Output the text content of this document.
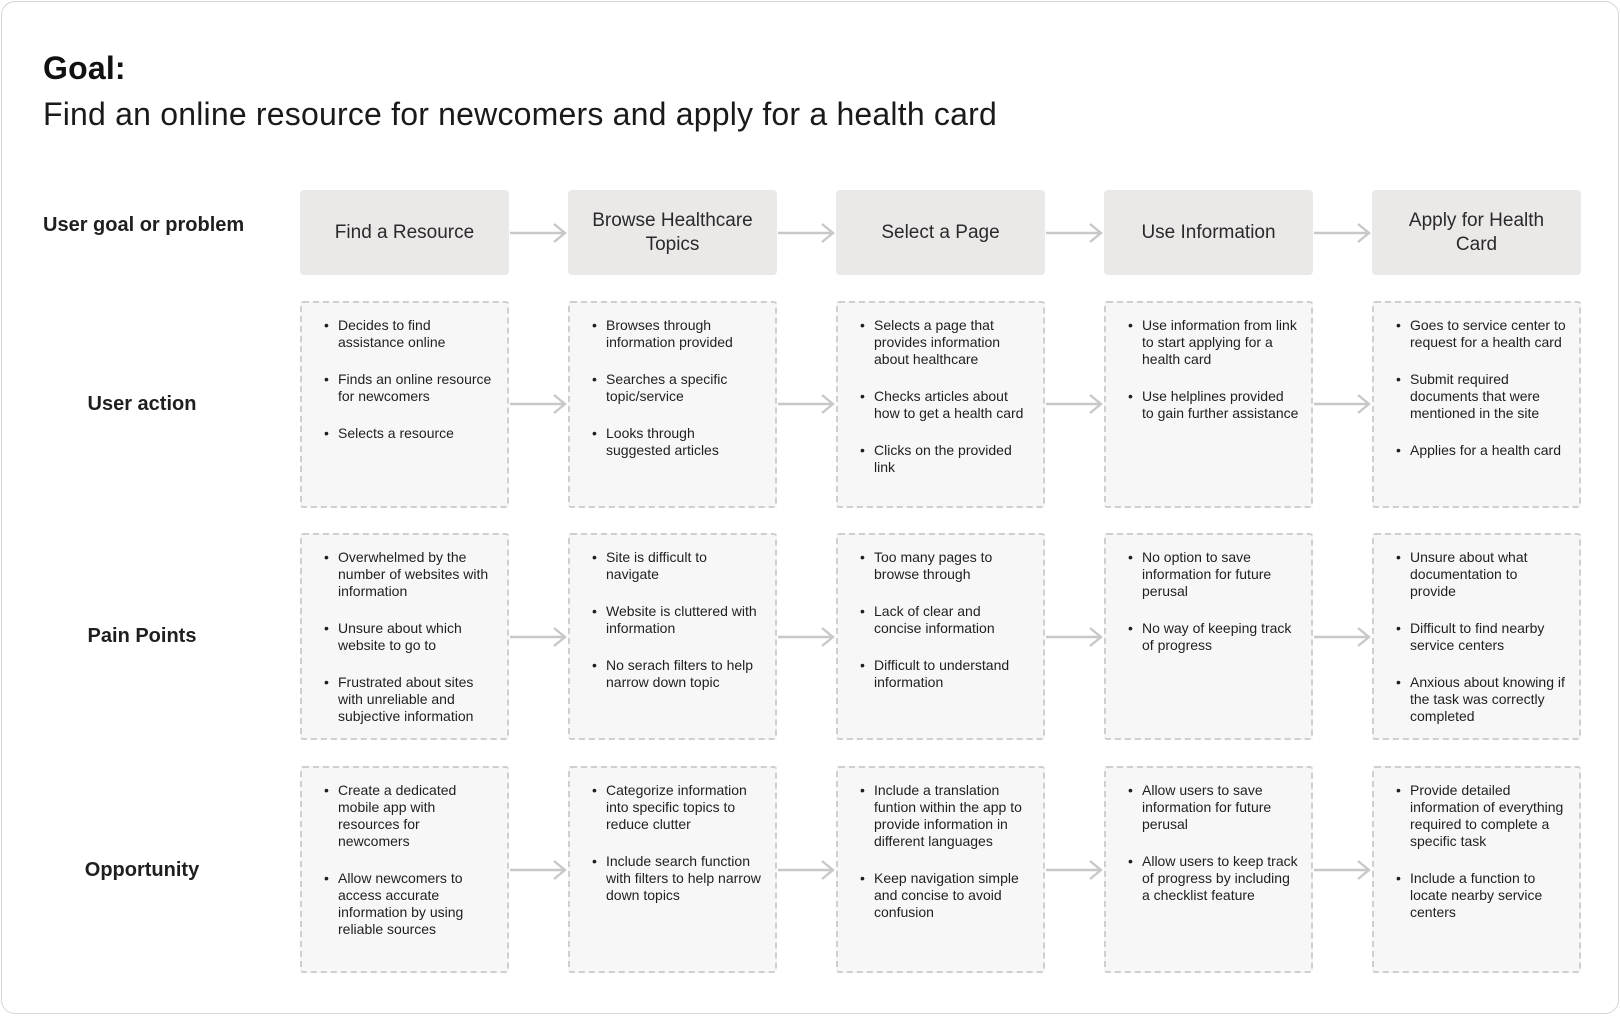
Goal:
Find an online resource for newcomers and apply for a health card
User goal or problem
User action
Pain Points
Opportunity
Find a Resource
Browse Healthcare Topics
Select a Page	Use Information
Apply for Health Card
• Decides to find assistance online
• Finds an online resource for newcomers
• Selects a resource
• Browses through information provided
• Searches a specific topic/service
• Looks through suggested articles
• Selects a page that provides information about healthcare
• Checks articles about how to get a health card
• Clicks on the provided link
• Use information from link to start applying for a health card
• Use helplines provided to gain further assistance
• Goes to service center to request for a health card
• Submit required documents that were mentioned in the site
• Applies for a health card
• Overwhelmed by the number of websites with information
• Unsure about which website to go to
• Frustrated about sites with unreliable and subjective information
• Site is difficult to navigate
• Website is cluttered with information
• No serach filters to help narrow down topic
• Too many pages to browse through
• Lack of clear and concise information
• Difficult to understand information
• No option to save information for future perusal
• No way of keeping track of progress
• Unsure about what documentation to provide
• Difficult to find nearby service centers
• Anxious about knowing if the task was correctly completed
• Create a dedicated mobile app with resources for newcomers
• Allow newcomers to access accurate information by using reliable sources
• Categorize information into specific topics to reduce clutter
• Include search function with filters to help narrow down topics
• Include a translation funtion within the app to provide information in different languages
• Keep navigation simple and concise to avoid confusion
• Allow users to save information for future perusal
• Allow users to keep track of progress by including a checklist feature
• Provide detailed information of everything required to complete a specific task
• Include a function to locate nearby service centers
